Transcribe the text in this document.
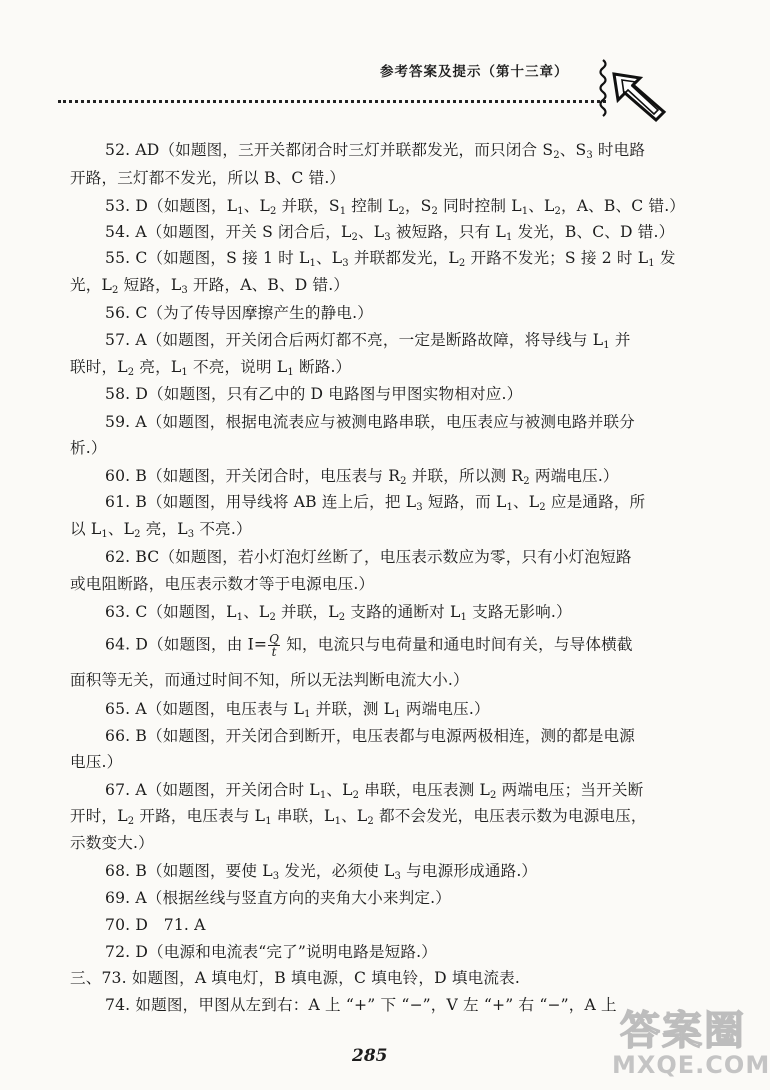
参考答案及提示（第十三章）
52. AD（如题图，三开关都闭合时三灯并联都发光，而只闭合 $S_2$、$S_3$ 时电路
开路，三灯都不发光，所以 B、C 错.）
53. D（如题图，$L_1$、$L_2$ 并联，$S_1$ 控制 $L_2$，$S_2$ 同时控制 $L_1$、$L_2$，A、B、C 错.）
54. A（如题图，开关 S 闭合后，$L_2$、$L_3$ 被短路，只有 $L_1$ 发光，B、C、D 错.）
55. C（如题图，S 接 1 时 $L_1$、$L_3$ 并联都发光，$L_2$ 开路不发光；S 接 2 时 $L_1$ 发
光，$L_2$ 短路，$L_3$ 开路，A、B、D 错.）
56. C（为了传导因摩擦产生的静电.）
57. A（如题图，开关闭合后两灯都不亮，一定是断路故障，将导线与 $L_1$ 并
联时，$L_2$ 亮，$L_1$ 不亮，说明 $L_1$ 断路.）
58. D（如题图，只有乙中的 D 电路图与甲图实物相对应.）
59. A（如题图，根据电流表应与被测电路串联，电压表应与被测电路并联分
析.）
60. B（如题图，开关闭合时，电压表与 $R_2$ 并联，所以测 $R_2$ 两端电压.）
61. B（如题图，用导线将 AB 连上后，把 $L_3$ 短路，而 $L_1$、$L_2$ 应是通路，所
以 $L_1$、$L_2$ 亮，$L_3$ 不亮.）
62. BC（如题图，若小灯泡灯丝断了，电压表示数应为零，只有小灯泡短路
或电阻断路，电压表示数才等于电源电压.）
63. C（如题图，$L_1$、$L_2$ 并联，$L_2$ 支路的通断对 $L_1$ 支路无影响.）
64. D（如题图，由 $I= \frac{Q}{t}$ 知，电流只与电荷量和通电时间有关，与导体横截
面积等无关，而通过时间不知，所以无法判断电流大小.）
65. A（如题图，电压表与 $L_1$ 并联，测 $L_1$ 两端电压.）
66. B（如题图，开关闭合到断开，电压表都与电源两极相连，测的都是电源
电压.）
67. A（如题图，开关闭合时 $L_1$、$L_2$ 串联，电压表测 $L_2$ 两端电压；当开关断
开时，$L_2$ 开路，电压表与 $L_1$ 串联，$L_1$、$L_2$ 都不会发光，电压表示数为电源电压，
示数变大.）
68. B（如题图，要使 $L_3$ 发光，必须使 $L_3$ 与电源形成通路.）
69. A（根据丝线与竖直方向的夹角大小来判定.）
70. D　71. A
72. D（电源和电流表“完了”说明电路是短路.）
三、73. 如题图，A 填电灯，B 填电源，C 填电铃，D 填电流表.
74. 如题图，甲图从左到右：A 上 “+” 下 “−”，V 左 “+” 右 “−”，A 上
285
答案圈
MXQE.COM
